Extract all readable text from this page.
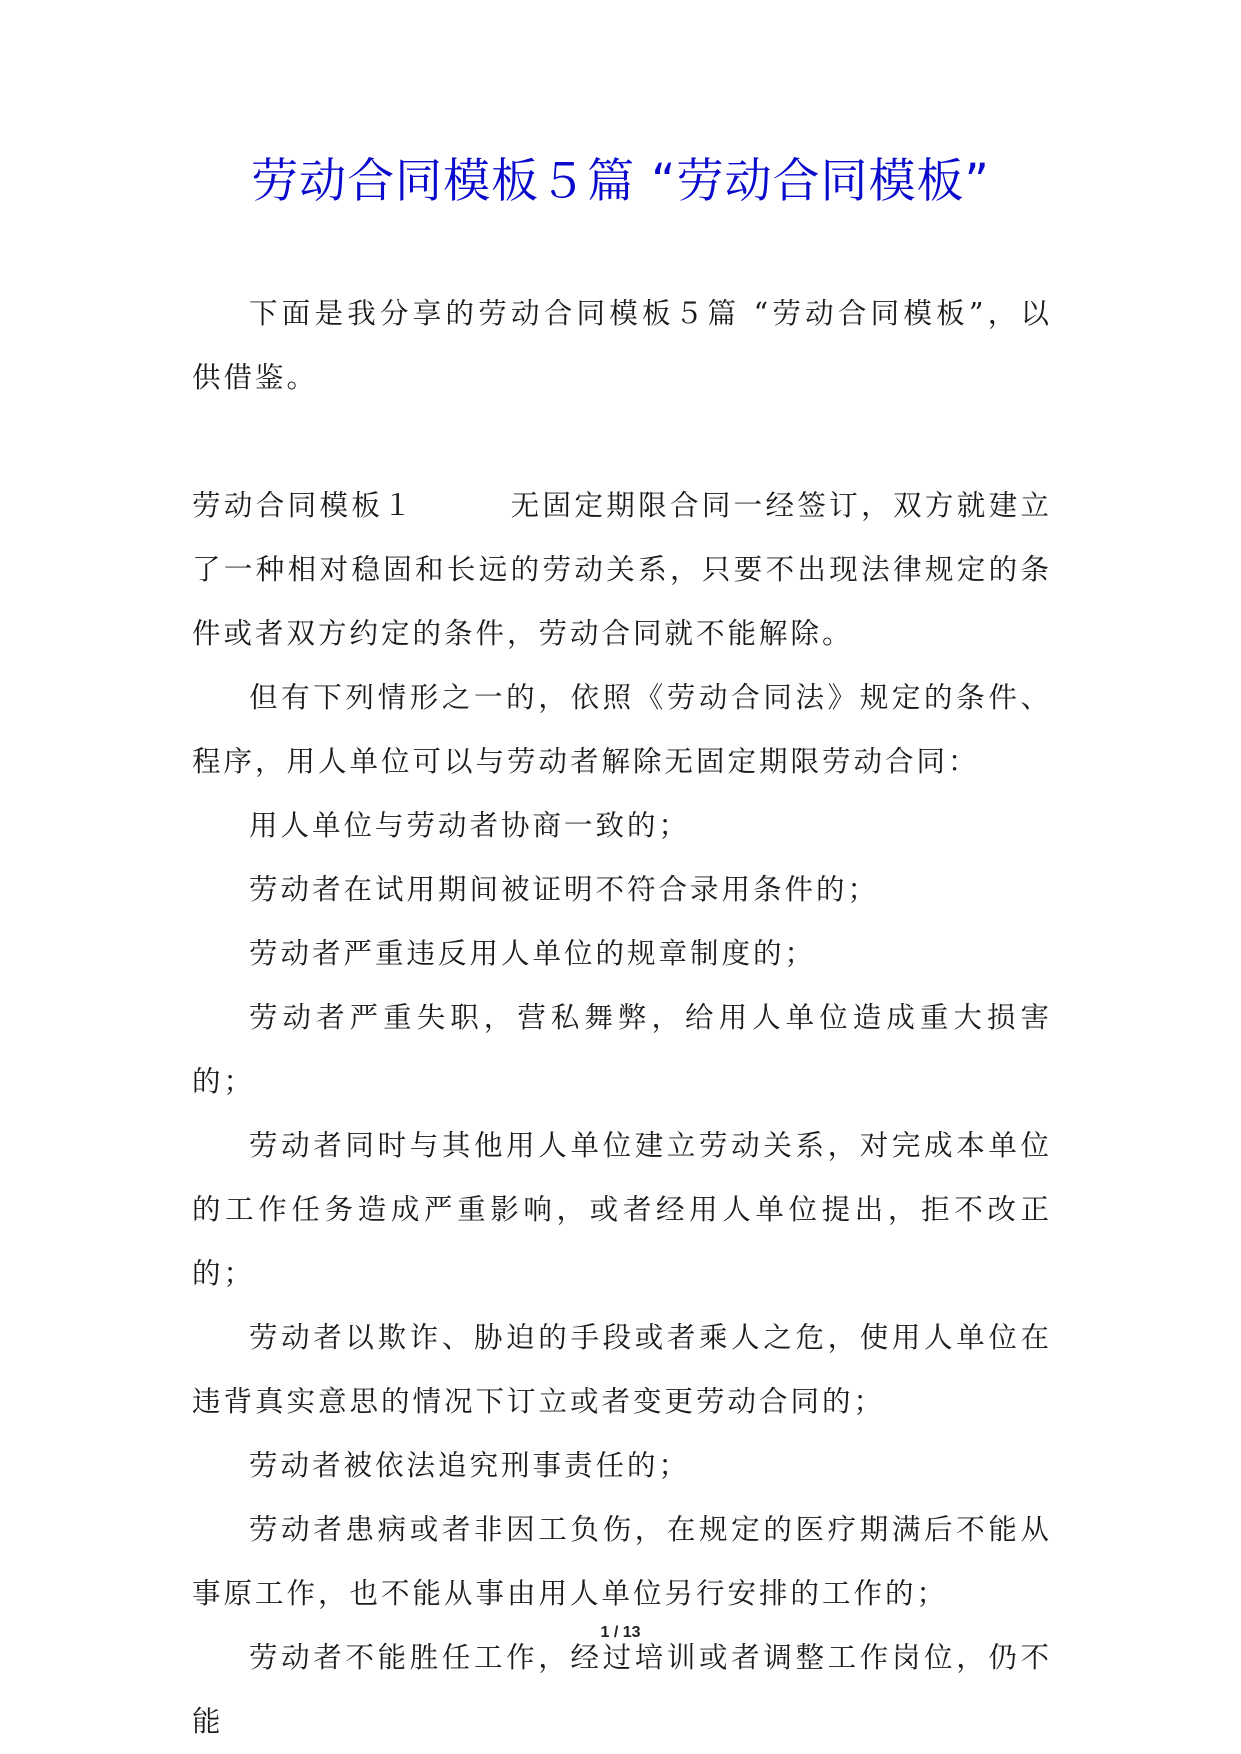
劳动合同模板５篇 “劳动合同模板”

下面是我分享的劳动合同模板５篇 “劳动合同模板”，以供借鉴。

劳动合同模板１　　　	无固定期限合同一经签订，双方就建立了一种相对稳固和长远的劳动关系，只要不出现法律规定的条件或者双方约定的条件，劳动合同就不能解除。

但有下列情形之一的，依照《劳动合同法》规定的条件、程序，用人单位可以与劳动者解除无固定期限劳动合同：

用人单位与劳动者协商一致的；

劳动者在试用期间被证明不符合录用条件的；

劳动者严重违反用人单位的规章制度的；

劳动者严重失职，营私舞弊，给用人单位造成重大损害的；

劳动者同时与其他用人单位建立劳动关系，对完成本单位的工作任务造成严重影响，或者经用人单位提出，拒不改正的；

劳动者以欺诈、胁迫的手段或者乘人之危，使用人单位在违背真实意思的情况下订立或者变更劳动合同的；

劳动者被依法追究刑事责任的；

劳动者患病或者非因工负伤，在规定的医疗期满后不能从事原工作，也不能从事由用人单位另行安排的工作的；

劳动者不能胜任工作，经过培训或者调整工作岗位，仍不能

1 / 13
